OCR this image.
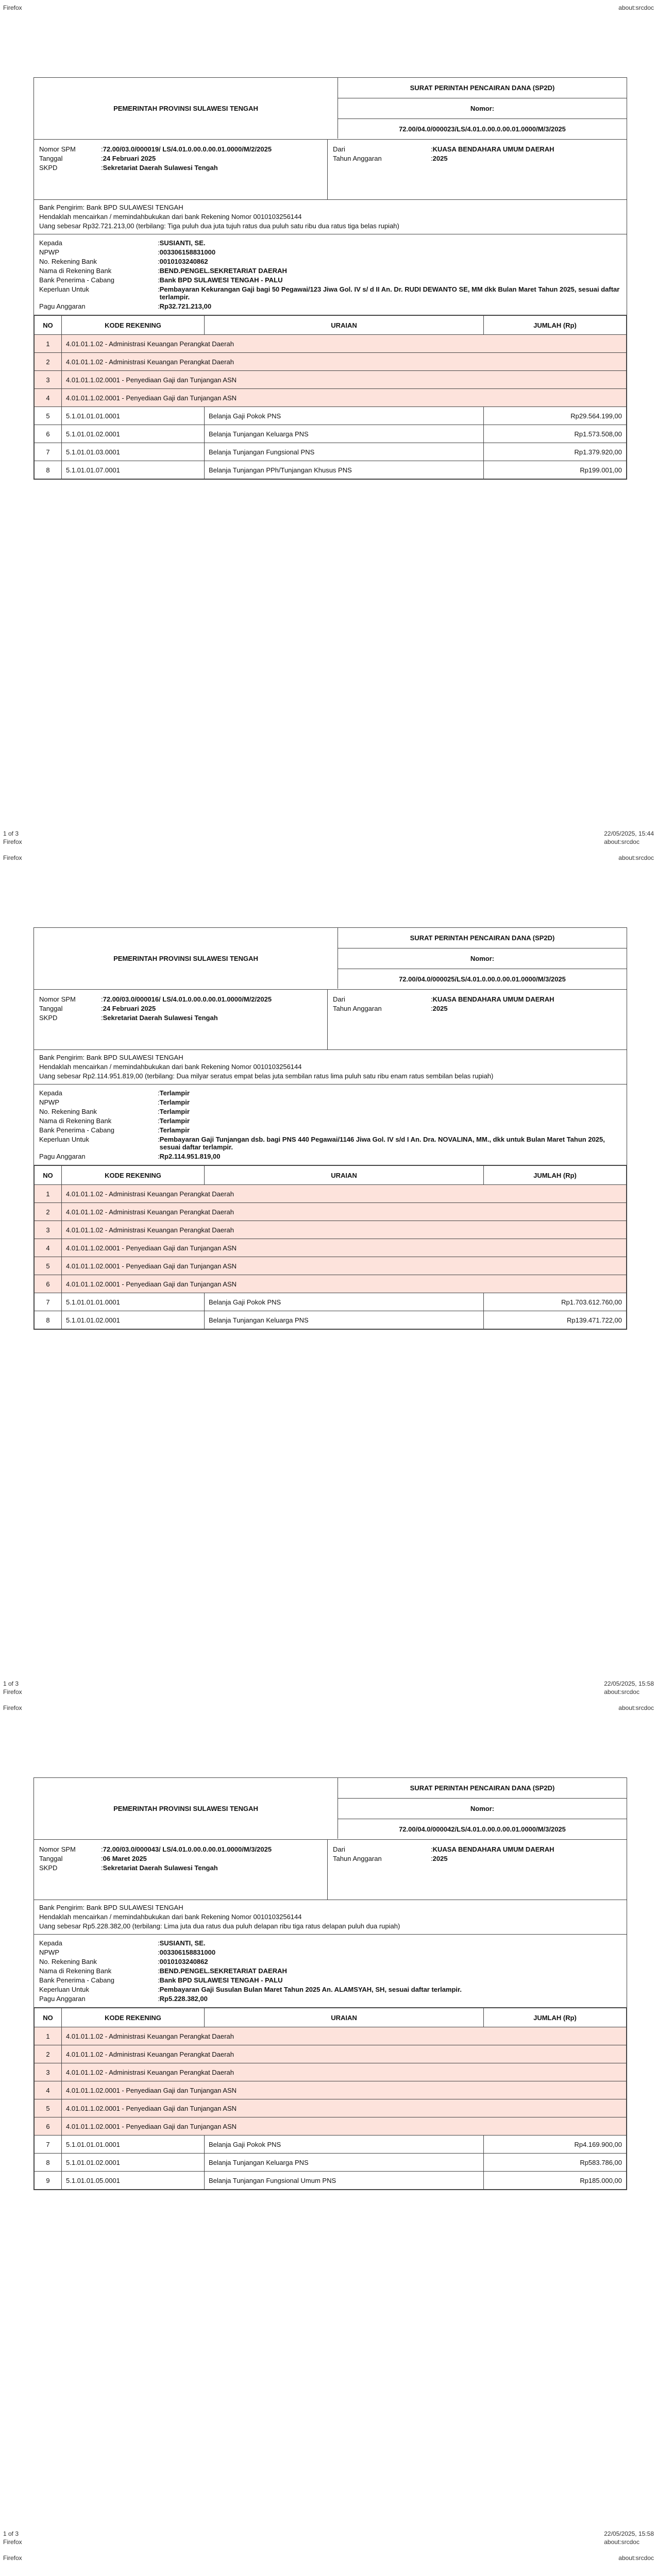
Firefox	about:srcdoc
PEMERINTAH PROVINSI SULAWESI TENGAH
SURAT PERINTAH PENCAIRAN DANA (SP2D)
Nomor:
72.00/04.0/000023/LS/4.01.0.00.0.00.01.0000/M/3/2025
Nomor SPM	: 72.00/03.0/000019/ LS/4.01.0.00.0.00.01.0000/M/2/2025
Tanggal	: 24 Februari 2025
SKPD	: Sekretariat Daerah Sulawesi Tengah
Dari	: KUASA BENDAHARA UMUM DAERAH
Tahun Anggaran	: 2025
Bank Pengirim: Bank BPD SULAWESI TENGAH
Hendaklah mencairkan / memindahbukukan dari bank Rekening Nomor 0010103256144
Uang sebesar Rp32.721.213,00 (terbilang: Tiga puluh dua juta tujuh ratus dua puluh satu ribu dua ratus tiga belas rupiah)
Kepada	: SUSIANTI, SE.
NPWP	: 003306158831000
No. Rekening Bank	: 0010103240862
Nama di Rekening Bank	: BEND.PENGEL.SEKRETARIAT DAERAH
Bank Penerima - Cabang	: Bank BPD SULAWESI TENGAH - PALU
Keperluan Untuk	: Pembayaran Kekurangan Gaji bagi 50 Pegawai/123 Jiwa Gol. IV s/ d II An. Dr. RUDI DEWANTO SE, MM dkk Bulan Maret Tahun 2025, sesuai daftar terlampir.
Pagu Anggaran	: Rp32.721.213,00
NO	KODE REKENING	URAIAN	JUMLAH (Rp)
1	4.01.01.1.02 - Administrasi Keuangan Perangkat Daerah		
2	4.01.01.1.02 - Administrasi Keuangan Perangkat Daerah		
3	4.01.01.1.02.0001 - Penyediaan Gaji dan Tunjangan ASN		
4	4.01.01.1.02.0001 - Penyediaan Gaji dan Tunjangan ASN		
5	5.1.01.01.01.0001	Belanja Gaji Pokok PNS	Rp29.564.199,00
6	5.1.01.01.02.0001	Belanja Tunjangan Keluarga PNS	Rp1.573.508,00
7	5.1.01.01.03.0001	Belanja Tunjangan Fungsional PNS	Rp1.379.920,00
8	5.1.01.01.07.0001	Belanja Tunjangan PPh/Tunjangan Khusus PNS	Rp199.001,00
1 of 3
Firefox
22/05/2025, 15:44
about:srcdoc
Firefox	about:srcdoc
PEMERINTAH PROVINSI SULAWESI TENGAH
SURAT PERINTAH PENCAIRAN DANA (SP2D)
Nomor:
72.00/04.0/000025/LS/4.01.0.00.0.00.01.0000/M/3/2025
Nomor SPM	: 72.00/03.0/000016/ LS/4.01.0.00.0.00.01.0000/M/2/2025
Tanggal	: 24 Februari 2025
SKPD	: Sekretariat Daerah Sulawesi Tengah
Dari	: KUASA BENDAHARA UMUM DAERAH
Tahun Anggaran	: 2025
Bank Pengirim: Bank BPD SULAWESI TENGAH
Hendaklah mencairkan / memindahbukukan dari bank Rekening Nomor 0010103256144
Uang sebesar Rp2.114.951.819,00 (terbilang: Dua milyar seratus empat belas juta sembilan ratus lima puluh satu ribu enam ratus sembilan belas rupiah)
Kepada	: Terlampir
NPWP	: Terlampir
No. Rekening Bank	: Terlampir
Nama di Rekening Bank	: Terlampir
Bank Penerima - Cabang	: Terlampir
Keperluan Untuk	: Pembayaran Gaji Tunjangan dsb. bagi PNS 440 Pegawai/1146 Jiwa Gol. IV s/d I An. Dra. NOVALINA, MM., dkk untuk Bulan Maret Tahun 2025, sesuai daftar terlampir.
Pagu Anggaran	: Rp2.114.951.819,00
NO	KODE REKENING	URAIAN	JUMLAH (Rp)
1	4.01.01.1.02 - Administrasi Keuangan Perangkat Daerah		
2	4.01.01.1.02 - Administrasi Keuangan Perangkat Daerah		
3	4.01.01.1.02 - Administrasi Keuangan Perangkat Daerah		
4	4.01.01.1.02.0001 - Penyediaan Gaji dan Tunjangan ASN		
5	4.01.01.1.02.0001 - Penyediaan Gaji dan Tunjangan ASN		
6	4.01.01.1.02.0001 - Penyediaan Gaji dan Tunjangan ASN		
7	5.1.01.01.01.0001	Belanja Gaji Pokok PNS	Rp1.703.612.760,00
8	5.1.01.01.02.0001	Belanja Tunjangan Keluarga PNS	Rp139.471.722,00
1 of 3
Firefox
22/05/2025, 15:58
about:srcdoc
Firefox	about:srcdoc
PEMERINTAH PROVINSI SULAWESI TENGAH
SURAT PERINTAH PENCAIRAN DANA (SP2D)
Nomor:
72.00/04.0/000042/LS/4.01.0.00.0.00.01.0000/M/3/2025
Nomor SPM	: 72.00/03.0/000043/ LS/4.01.0.00.0.00.01.0000/M/3/2025
Tanggal	: 06 Maret 2025
SKPD	: Sekretariat Daerah Sulawesi Tengah
Dari	: KUASA BENDAHARA UMUM DAERAH
Tahun Anggaran	: 2025
Bank Pengirim: Bank BPD SULAWESI TENGAH
Hendaklah mencairkan / memindahbukukan dari bank Rekening Nomor 0010103256144
Uang sebesar Rp5.228.382,00 (terbilang: Lima juta dua ratus dua puluh delapan ribu tiga ratus delapan puluh dua rupiah)
Kepada	: SUSIANTI, SE.
NPWP	: 003306158831000
No. Rekening Bank	: 0010103240862
Nama di Rekening Bank	: BEND.PENGEL.SEKRETARIAT DAERAH
Bank Penerima - Cabang	: Bank BPD SULAWESI TENGAH - PALU
Keperluan Untuk	: Pembayaran Gaji Susulan Bulan Maret Tahun 2025 An. ALAMSYAH, SH, sesuai daftar terlampir.
Pagu Anggaran	: Rp5.228.382,00
NO	KODE REKENING	URAIAN	JUMLAH (Rp)
1	4.01.01.1.02 - Administrasi Keuangan Perangkat Daerah		
2	4.01.01.1.02 - Administrasi Keuangan Perangkat Daerah		
3	4.01.01.1.02 - Administrasi Keuangan Perangkat Daerah		
4	4.01.01.1.02.0001 - Penyediaan Gaji dan Tunjangan ASN		
5	4.01.01.1.02.0001 - Penyediaan Gaji dan Tunjangan ASN		
6	4.01.01.1.02.0001 - Penyediaan Gaji dan Tunjangan ASN		
7	5.1.01.01.01.0001	Belanja Gaji Pokok PNS	Rp4.169.900,00
8	5.1.01.01.02.0001	Belanja Tunjangan Keluarga PNS	Rp583.786,00
9	5.1.01.01.05.0001	Belanja Tunjangan Fungsional Umum PNS	Rp185.000,00
1 of 3
Firefox
22/05/2025, 15:58
about:srcdoc
Firefox	about:srcdoc
